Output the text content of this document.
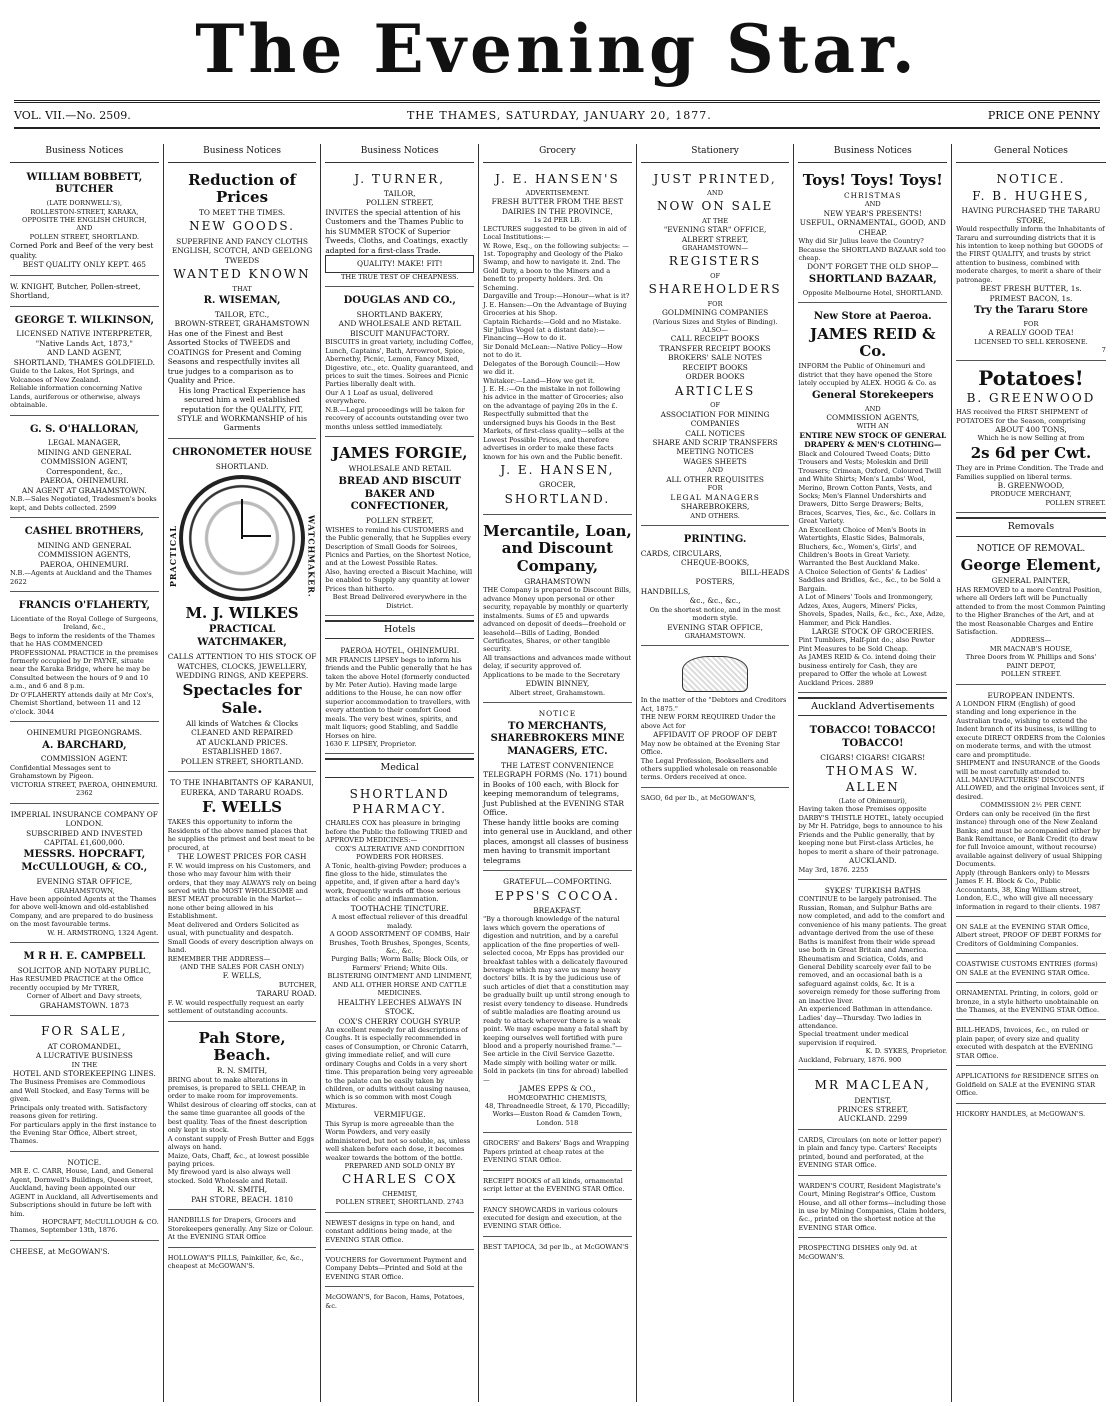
The Evening Star.
VOL. VII.—No. 2509.	THE THAMES, SATURDAY, JANUARY 20, 1877.	PRICE ONE PENNY
Business Notices
WILLIAM BOBBETT, BUTCHER
(LATE DORNWELL'S),
ROLLESTON-STREET, KARAKA,
OPPOSITE THE ENGLISH CHURCH,
AND
POLLEN STREET, SHORTLAND.
Corned Pork and Beef of the very best quality.
BEST QUALITY ONLY KEPT. 465
W. KNIGHT, Butcher, Pollen-street, Shortland,
GEORGE T. WILKINSON,
LICENSED NATIVE INTERPRETER,
"Native Lands Act, 1873,"
AND LAND AGENT,
SHORTLAND, THAMES GOLDFIELD.
Guide to the Lakes, Hot Springs, and Volcanoes of New Zealand.
Reliable information concerning Native Lands, auriferous or otherwise, always obtainable.
G. S. O'HALLORAN,
LEGAL MANAGER,
MINING AND GENERAL COMMISSION AGENT,
Correspondent, &c.,
PAEROA, OHINEMURI.
AN AGENT AT GRAHAMSTOWN.
N.B.—Sales Negotiated, Tradesmen's books kept, and Debts collected. 2599
CASHEL BROTHERS,
MINING AND GENERAL COMMISSION AGENTS,
PAEROA, OHINEMURI.
N.B.—Agents at Auckland and the Thames 2622
FRANCIS O'FLAHERTY,
Licentiate of the Royal College of Surgeons, Ireland, &c.,
Begs to inform the residents of the Thames that he HAS COMMENCED PROFESSIONAL PRACTICE in the premises formerly occupied by Dr PAYNE, situate near the Karaka Bridge, where he may be Consulted between the hours of 9 and 10 a.m., and 6 and 8 p.m.
Dr O'FLAHERTY attends daily at Mr Cox's, Chemist Shortland, between 11 and 12 o'clock. 3044
OHINEMURI PIGEONGRAMS.
A. BARCHARD,
COMMISSION AGENT.
Confidential Messages sent to Grahamstown by Pigeon.
VICTORIA STREET, PAEROA, OHINEMURI. 2362
IMPERIAL INSURANCE COMPANY OF LONDON.
SUBSCRIBED AND INVESTED CAPITAL £1,600,000.
MESSRS. HOPCRAFT, McCULLOUGH, & CO.,
EVENING STAR OFFICE,
GRAHAMSTOWN,
Have been appointed Agents at the Thames for above well-known and old-established Company, and are prepared to do business on the most favourable terms.
W. H. ARMSTRONG, 1324 Agent.
M R H. E. CAMPBELL
SOLICITOR AND NOTARY PUBLIC,
Has RESUMED PRACTICE at the Office recently occupied by Mr TYRER,
Corner of Albert and Davy streets,
GRAHAMSTOWN. 1873
FOR SALE,
AT COROMANDEL,
A LUCRATIVE BUSINESS
IN THE
HOTEL AND STOREKEEPING LINES.
The Business Premises are Commodious and Well Stocked, and Easy Terms will be given.
Principals only treated with. Satisfactory reasons given for retiring.
For particulars apply in the first instance to the Evening Star Office, Albert street, Thames.
NOTICE.
MR E. C. CARR, House, Land, and General Agent, Dornwell's Buildings, Queen street, Auckland, having been appointed our AGENT in Auckland, all Advertisements and Subscriptions should in future be left with him.
HOPCRAFT, McCULLOUGH & CO.
Thames, September 13th, 1876.
CHEESE, at McGOWAN'S.
Business Notices
Reduction of Prices
TO MEET THE TIMES.
NEW GOODS.
SUPERFINE AND FANCY CLOTHS
ENGLISH, SCOTCH, AND GEELONG TWEEDS
WANTED KNOWN
THAT
R. WISEMAN,
TAILOR, ETC.,
BROWN-STREET, GRAHAMSTOWN
Has one of the Finest and Best Assorted Stocks of TWEEDS and COATINGS for Present and Coming Seasons and respectfully invites all true judges to a comparison as to Quality and Price.
His long Practical Experience has secured him a well established reputation for the QUALITY, FIT, STYLE and WORKMANSHIP of his Garments
CHRONOMETER HOUSE
SHORTLAND.
PRACTICAL	WATCHMAKER.
M. J. WILKES
PRACTICAL WATCHMAKER,
CALLS ATTENTION TO HIS STOCK OF
WATCHES, CLOCKS, JEWELLERY, WEDDING RINGS, AND KEEPERS.
Spectacles for Sale.
All kinds of Watches & Clocks
CLEANED AND REPAIRED
AT AUCKLAND PRICES.
ESTABLISHED 1867.
POLLEN STREET, SHORTLAND.
TO THE INHABITANTS OF KARANUI, EUREKA, AND TARARU ROADS.
F. WELLS
TAKES this opportunity to inform the Residents of the above named places that he supplies the primest and best meat to be procured, at
THE LOWEST PRICES FOR CASH
F. W. would impress on his Customers, and those who may favour him with their orders, that they may ALWAYS rely on being served with the MOST WHOLESOME and BEST MEAT procurable in the Market—none other being allowed in his Establishment.
Meat delivered and Orders Solicited as usual, with punctuality and despatch.
Small Goods of every description always on hand.
REMEMBER THE ADDRESS—
(AND THE SALES FOR CASH ONLY)
F. WELLS,
BUTCHER,
TARARU ROAD.
F. W. would respectfully request an early settlement of outstanding accounts.
Pah Store, Beach.
R. N. SMITH,
BRING about to make alterations in premises, is prepared to SELL CHEAP, in order to make room for improvements. Whilst desirous of clearing off stocks, can at the same time guarantee all goods of the best quality. Teas of the finest description only kept in stock.
A constant supply of Fresh Butter and Eggs always on hand.
Maize, Oats, Chaff, &c., at lowest possible paying prices.
My firewood yard is also always well stocked. Sold Wholesale and Retail.
R. N. SMITH,
PAH STORE, BEACH. 1810
HANDBILLS for Drapers, Grocers and Storekeepers generally. Any Size or Colour. At the EVENING STAR Office
HOLLOWAY'S PILLS, Painkiller, &c, &c., cheapest at McGOWAN'S.
Business Notices
J. TURNER,
TAILOR,
POLLEN STREET,
INVITES the special attention of his Customers and the Thames Public to his SUMMER STOCK of Superior Tweeds, Cloths, and Coatings, exactly adapted for a first-class Trade.
QUALITY! MAKE! FIT!
THE TRUE TEST OF CHEAPNESS.
DOUGLAS AND CO.,
SHORTLAND BAKERY,
AND WHOLESALE AND RETAIL BISCUIT MANUFACTORY.
BISCUITS in great variety, including Coffee, Lunch, Captains', Bath, Arrowroot, Spice, Abernethy, Picnic, Lemon, Fancy Mixed, Digestive, etc., etc. Quality guaranteed, and prices to suit the times. Soirees and Picnic Parties liberally dealt with.
Our A 1 Loaf as usual, delivered everywhere.
N.B.—Legal proceedings will be taken for recovery of accounts outstanding over two months unless settled immediately.
JAMES FORGIE,
WHOLESALE AND RETAIL
BREAD AND BISCUIT BAKER AND CONFECTIONER,
POLLEN STREET,
WISHES to remind his CUSTOMERS and the Public generally, that he Supplies every Description of Small Goods for Soirees, Picnics and Parties, on the Shortest Notice, and at the Lowest Possible Rates.
Also, having erected a Biscuit Machine, will be enabled to Supply any quantity at lower Prices than hitherto.
Best Bread Delivered everywhere in the District.
Hotels
PAEROA HOTEL, OHINEMURI.
MR FRANCIS LIPSEY begs to inform his friends and the Public generally that he has taken the above Hotel (formerly conducted by Mr. Peter Autio). Having made large additions to the House, he can now offer superior accommodation to travellers, with every attention to their comfort Good meals. The very best wines, spirits, and malt liquors; good Stabling, and Saddle Horses on hire.
1630 F. LIPSEY, Proprietor.
Medical
SHORTLAND PHARMACY.
CHARLES COX has pleasure in bringing before the Public the following TRIED and APPROVED MEDICINES:—
COX'S ALTERATIVE AND CONDITION POWDERS FOR HORSES.
A Tonic, health-giving Powder; produces a fine gloss to the hide, stimulates the appetite, and, if given after a hard day's work, frequently wards off those serious attacks of colic and inflammation.
TOOTHACHE TINCTURE.
A most effectual reliever of this dreadful malady.
A GOOD ASSORTMENT OF COMBS, Hair Brushes, Tooth Brushes, Sponges, Scents, &c., &c.
Purging Balls; Worm Balls; Block Oils, or Farmers' Friend; White Oils.
BLISTERING OINTMENT AND LINIMENT, AND ALL OTHER HORSE AND CATTLE MEDICINES.
HEALTHY LEECHES ALWAYS IN STOCK.
COX'S CHERRY COUGH SYRUP.
An excellent remedy for all descriptions of Coughs. It is especially recommended in cases of Consumption, or Chronic Catarrh, giving immediate relief, and will cure ordinary Coughs and Colds in a very short time. This preparation being very agreeable to the palate can be easily taken by children, or adults without causing nausea, which is so common with most Cough Mixtures.
VERMIFUGE.
This Syrup is more agreeable than the Worm Powders, and very easily administered, but not so soluble, as, unless well shaken before each dose, it becomes weaker towards the bottom of the bottle.
PREPARED AND SOLD ONLY BY
CHARLES COX
CHEMIST,
POLLEN STREET, SHORTLAND. 2743
NEWEST designs in type on hand, and constant additions being made, at the EVENING STAR Office.
VOUCHERS for Government Payment and Company Debts—Printed and Sold at the EVENING STAR Office.
McGOWAN'S, for Bacon, Hams, Potatoes, &c.
Grocery
J. E. HANSEN'S
ADVERTISEMENT.
FRESH BUTTER FROM THE BEST DAIRIES IN THE PROVINCE,
1s 2d PER LB.
LECTURES suggested to be given in aid of Local Institutions:—
W. Rowe, Esq., on the following subjects: —1st. Topography and Geology of the Piako Swamp, and how to navigate it. 2nd. The Gold Duty, a boon to the Miners and a benefit to property holders. 3rd. On Scheming.
Dargaville and Troup:—Honour—what is it?
J. E. Hansen:—On the Advantage of Buying Groceries at his Shop.
Captain Richards:—Gold and no Mistake.
Sir Julius Vogel (at a distant date):—Financing—How to do it.
Sir Donald McLean:—Native Policy—How not to do it.
Delegates of the Borough Council:—How we did it.
Whitaker:—Land—How we get it.
J. E. H.:—On the mistake in not following his advice in the matter of Groceries; also on the advantage of paying 20s in the £. Respectfully submitted that the undersigned buys his Goods in the Best Markets, of first-class quality—sells at the Lowest Possible Prices, and therefore advertises in order to make these facts known for his own and the Public benefit.
J. E. HANSEN,
GROCER,
SHORTLAND.
Mercantile, Loan, and Discount Company,
GRAHAMSTOWN
THE Company is prepared to Discount Bills, advance Money upon personal or other security, repayable by monthly or quarterly instalments. Sums of £5 and upwards advanced on deposit of deeds—freehold or leasehold—Bills of Lading, Bonded Certificates, Shares, or other tangible security.
All transactions and advances made without delay, if security approved of.
Applications to be made to the Secretary
EDWIN BINNEY,
Albert street, Grahamstown.
NOTICE
TO MERCHANTS, SHAREBROKERS MINE MANAGERS, ETC.
THE LATEST CONVENIENCE
TELEGRAPH FORMS (No. 171) bound in Books of 100 each, with Block for keeping memorandum of telegrams, Just Published at the EVENING STAR Office.
These handy little books are coming into general use in Auckland, and other places, amongst all classes of business men having to transmit important telegrams
GRATEFUL—COMFORTING.
EPPS'S COCOA.
BREAKFAST.
"By a thorough knowledge of the natural laws which govern the operations of digestion and nutrition, and by a careful application of the fine properties of well-selected cocoa, Mr Epps has provided our breakfast tables with a delicately flavoured beverage which may save us many heavy doctors' bills. It is by the judicious use of such articles of diet that a constitution may be gradually built up until strong enough to resist every tendency to disease. Hundreds of subtle maladies are floating around us ready to attack wherever there is a weak point. We may escape many a fatal shaft by keeping ourselves well fortified with pure blood and a properly nourished frame."—See article in the Civil Service Gazette.
Made simply with boiling water or milk.
Sold in packets (in tins for abroad) labelled—
JAMES EPPS & CO.,
HOMŒOPATHIC CHEMISTS,
48, Threadneedle Street, & 170, Piccadilly; Works—Euston Road & Camden Town, London. 518
GROCERS' and Bakers' Bags and Wrapping Papers printed at cheap rates at the EVENING STAR Office.
RECEIPT BOOKS of all kinds, ornamental script letter at the EVENING STAR Office.
FANCY SHOWCARDS in various colours executed for design and execution, at the EVENING STAR Office.
BEST TAPIOCA, 3d per lb., at McGOWAN'S
Stationery
JUST PRINTED,
AND
NOW ON SALE
AT THE
"EVENING STAR" OFFICE,
ALBERT STREET,
GRAHAMSTOWN—
REGISTERS
OF
SHAREHOLDERS
FOR
GOLDMINING COMPANIES
(Various Sizes and Styles of Binding).
ALSO—
CALL RECEIPT BOOKS
TRANSFER RECEIPT BOOKS
BROKERS' SALE NOTES
RECEIPT BOOKS
ORDER BOOKS
ARTICLES
OF
ASSOCIATION FOR MINING
COMPANIES
CALL NOTICES
SHARE AND SCRIP TRANSFERS
MEETING NOTICES
WAGES SHEETS
AND
ALL OTHER REQUISITES
FOR
LEGAL MANAGERS
SHAREBROKERS,
AND OTHERS.
PRINTING.
CARDS, CIRCULARS,
CHEQUE-BOOKS,
BILL-HEADS
POSTERS,
HANDBILLS,
&c., &c., &c.,
On the shortest notice, and in the most modern style.
EVENING STAR OFFICE,
GRAHAMSTOWN.
In the matter of the "Debtors and Creditors Act, 1875."
THE NEW FORM REQUIRED Under the above Act for
AFFIDAVIT OF PROOF OF DEBT
May now be obtained at the Evening Star Office.
The Legal Profession, Booksellers and others supplied wholesale on reasonable terms. Orders received at once.
SAGO, 6d per lb., at McGOWAN'S,
Business Notices
Toys! Toys! Toys!
CHRISTMAS
AND
NEW YEAR'S PRESENTS!
USEFUL, ORNAMENTAL, GOOD, AND CHEAP.
Why did Sir Julius leave the Country? Because the SHORTLAND BAZAAR sold too cheap.
DON'T FORGET THE OLD SHOP—
SHORTLAND BAZAAR,
Opposite Melbourne Hotel, SHORTLAND.
New Store at Paeroa.
JAMES REID & Co.
INFORM the Public of Ohinemuri and district that they have opened the Store lately occupied by ALEX. HOGG & Co. as
General Storekeepers
AND
COMMISSION AGENTS,
WITH AN
ENTIRE NEW STOCK OF GENERAL DRAPERY & MEN'S CLOTHING—
Black and Coloured Tweed Coats; Ditto Trousers and Vests; Moleskin and Drill Trousers; Crimean, Oxford, Coloured Twill and White Shirts; Men's Lambs' Wool, Merino, Brown Cotton Pants, Vests, and Socks; Men's Flannel Undershirts and Drawers, Ditto Serge Drawers; Belts, Braces, Scarves, Ties, &c., &c. Collars in Great Variety.
An Excellent Choice of Men's Boots in Watertights, Elastic Sides, Balmorals, Bluchers, &c., Women's, Girls', and Children's Boots in Great Variety. Warranted the Best Auckland Make.
A Choice Selection of Gents' & Ladies' Saddles and Bridles, &c., &c., to be Sold a Bargain.
A Lot of Miners' Tools and Ironmongery, Adzes, Axes, Augers, Miners' Picks, Shovels, Spades, Nails, &c., &c., Axe, Adze, Hammer, and Pick Handles.
LARGE STOCK OF GROCERIES.
Pint Tumblers, Half-pint do.; also Pewter Pint Measures to be Sold Cheap.
As JAMES REID & Co. intend doing their business entirely for Cash, they are prepared to Offer the whole at Lowest Auckland Prices. 2889
Auckland Advertisements
TOBACCO! TOBACCO! TOBACCO!
CIGARS! CIGARS! CIGARS!
THOMAS W. ALLEN
(Late of Ohinemuri),
Having taken those Premises opposite DARBY'S THISTLE HOTEL, lately occupied by Mr H. Patridge, begs to announce to his Friends and the Public generally, that by keeping none but First-class Articles, he hopes to merit a share of their patronage.
AUCKLAND.
May 3rd, 1876. 2255
SYKES' TURKISH BATHS
CONTINUE to be largely patronised. The Russian, Roman, and Sulphur Baths are now completed, and add to the comfort and convenience of his many patients. The great advantage derived from the use of these Baths is manifest from their wide spread use both in Great Britain and America. Rheumatism and Sciatica, Colds, and General Debility scarcely ever fail to be removed, and an occasional bath is a safeguard against colds, &c. It is a sovereign remedy for those suffering from an inactive liver.
An experienced Bathman in attendance.
Ladies' day—Thursday. Two ladies in attendance.
Special treatment under medical supervision if required.
K. D. SYKES, Proprietor.
Auckland, February, 1876. 900
MR MACLEAN,
DENTIST,
PRINCES STREET,
AUCKLAND. 2299
CARDS, Circulars (on note or letter paper) in plain and fancy type. Carters' Receipts printed, bound and perforated, at the EVENING STAR Office.
WARDEN'S COURT, Resident Magistrate's Court, Mining Registrar's Office, Custom House, and all other forms—including those in use by Mining Companies, Claim holders, &c., printed on the shortest notice at the EVENING STAR Office.
PROSPECTING DISHES only 9d. at McGOWAN'S.
General Notices
NOTICE.
F. B. HUGHES,
HAVING PURCHASED THE TARARU STORE,
Would respectfully inform the Inhabitants of Tararu and surrounding districts that it is his intention to keep nothing but GOODS of the FIRST QUALITY, and trusts by strict attention to business, combined with moderate charges, to merit a share of their patronage.
BEST FRESH BUTTER, 1s.
PRIMEST BACON, 1s.
Try the Tararu Store
FOR
A REALLY GOOD TEA!
LICENSED TO SELL KEROSENE.
7
Potatoes!
B. GREENWOOD
HAS received the FIRST SHIPMENT of POTATOES for the Season, comprising
ABOUT 400 TONS,
Which he is now Selling at from
2s 6d per Cwt.
They are in Prime Condition. The Trade and Families supplied on liberal terms.
B. GREENWOOD,
PRODUCE MERCHANT,
POLLEN STREET.
Removals
NOTICE OF REMOVAL.
George Element,
GENERAL PAINTER,
HAS REMOVED to a more Central Position, where all Orders left will be Punctually attended to from the most Common Painting to the Higher Branches of the Art, and at the most Reasonable Charges and Entire Satisfaction.
ADDRESS—
MR MACNAB'S HOUSE,
Three Doors from W. Phillips and Sons' PAINT DEPOT,
POLLEN STREET.
EUROPEAN INDENTS.
A LONDON FIRM (English) of good standing and long experience in the Australian trade, wishing to extend the Indent branch of its business, is willing to execute DIRECT ORDERS from the Colonies on moderate terms, and with the utmost care and promptitude.
SHIPMENT and INSURANCE of the Goods will be most carefully attended to.
ALL MANUFACTURERS' DISCOUNTS ALLOWED, and the original Invoices sent, if desired.
COMMISSION 2½ PER CENT.
Orders can only be received (in the first instance) through one of the New Zealand Banks; and must be accompanied either by Bank Remittance, or Bank Credit (to draw for full Invoice amount, without recourse) available against delivery of usual Shipping Documents.
Apply (through Bankers only) to Messrs James F. H. Block & Co., Public Accountants, 38, King William street, London, E.C., who will give all necessary information in regard to their clients. 1987
ON SALE at the EVENING STAR Office, Albert street, PROOF OF DEBT FORMS for Creditors of Goldmining Companies.
COASTWISE CUSTOMS ENTRIES (forms) ON SALE at the EVENING STAR Office.
ORNAMENTAL Printing, in colors, gold or bronze, in a style hitherto unobtainable on the Thames, at the EVENING STAR Office.
BILL-HEADS, Invoices, &c., on ruled or plain paper, of every size and quality executed with despatch at the EVENING STAR Office.
APPLICATIONS for RESIDENCE SITES on Goldfield on SALE at the EVENING STAR Office.
HICKORY HANDLES, at McGOWAN'S.
